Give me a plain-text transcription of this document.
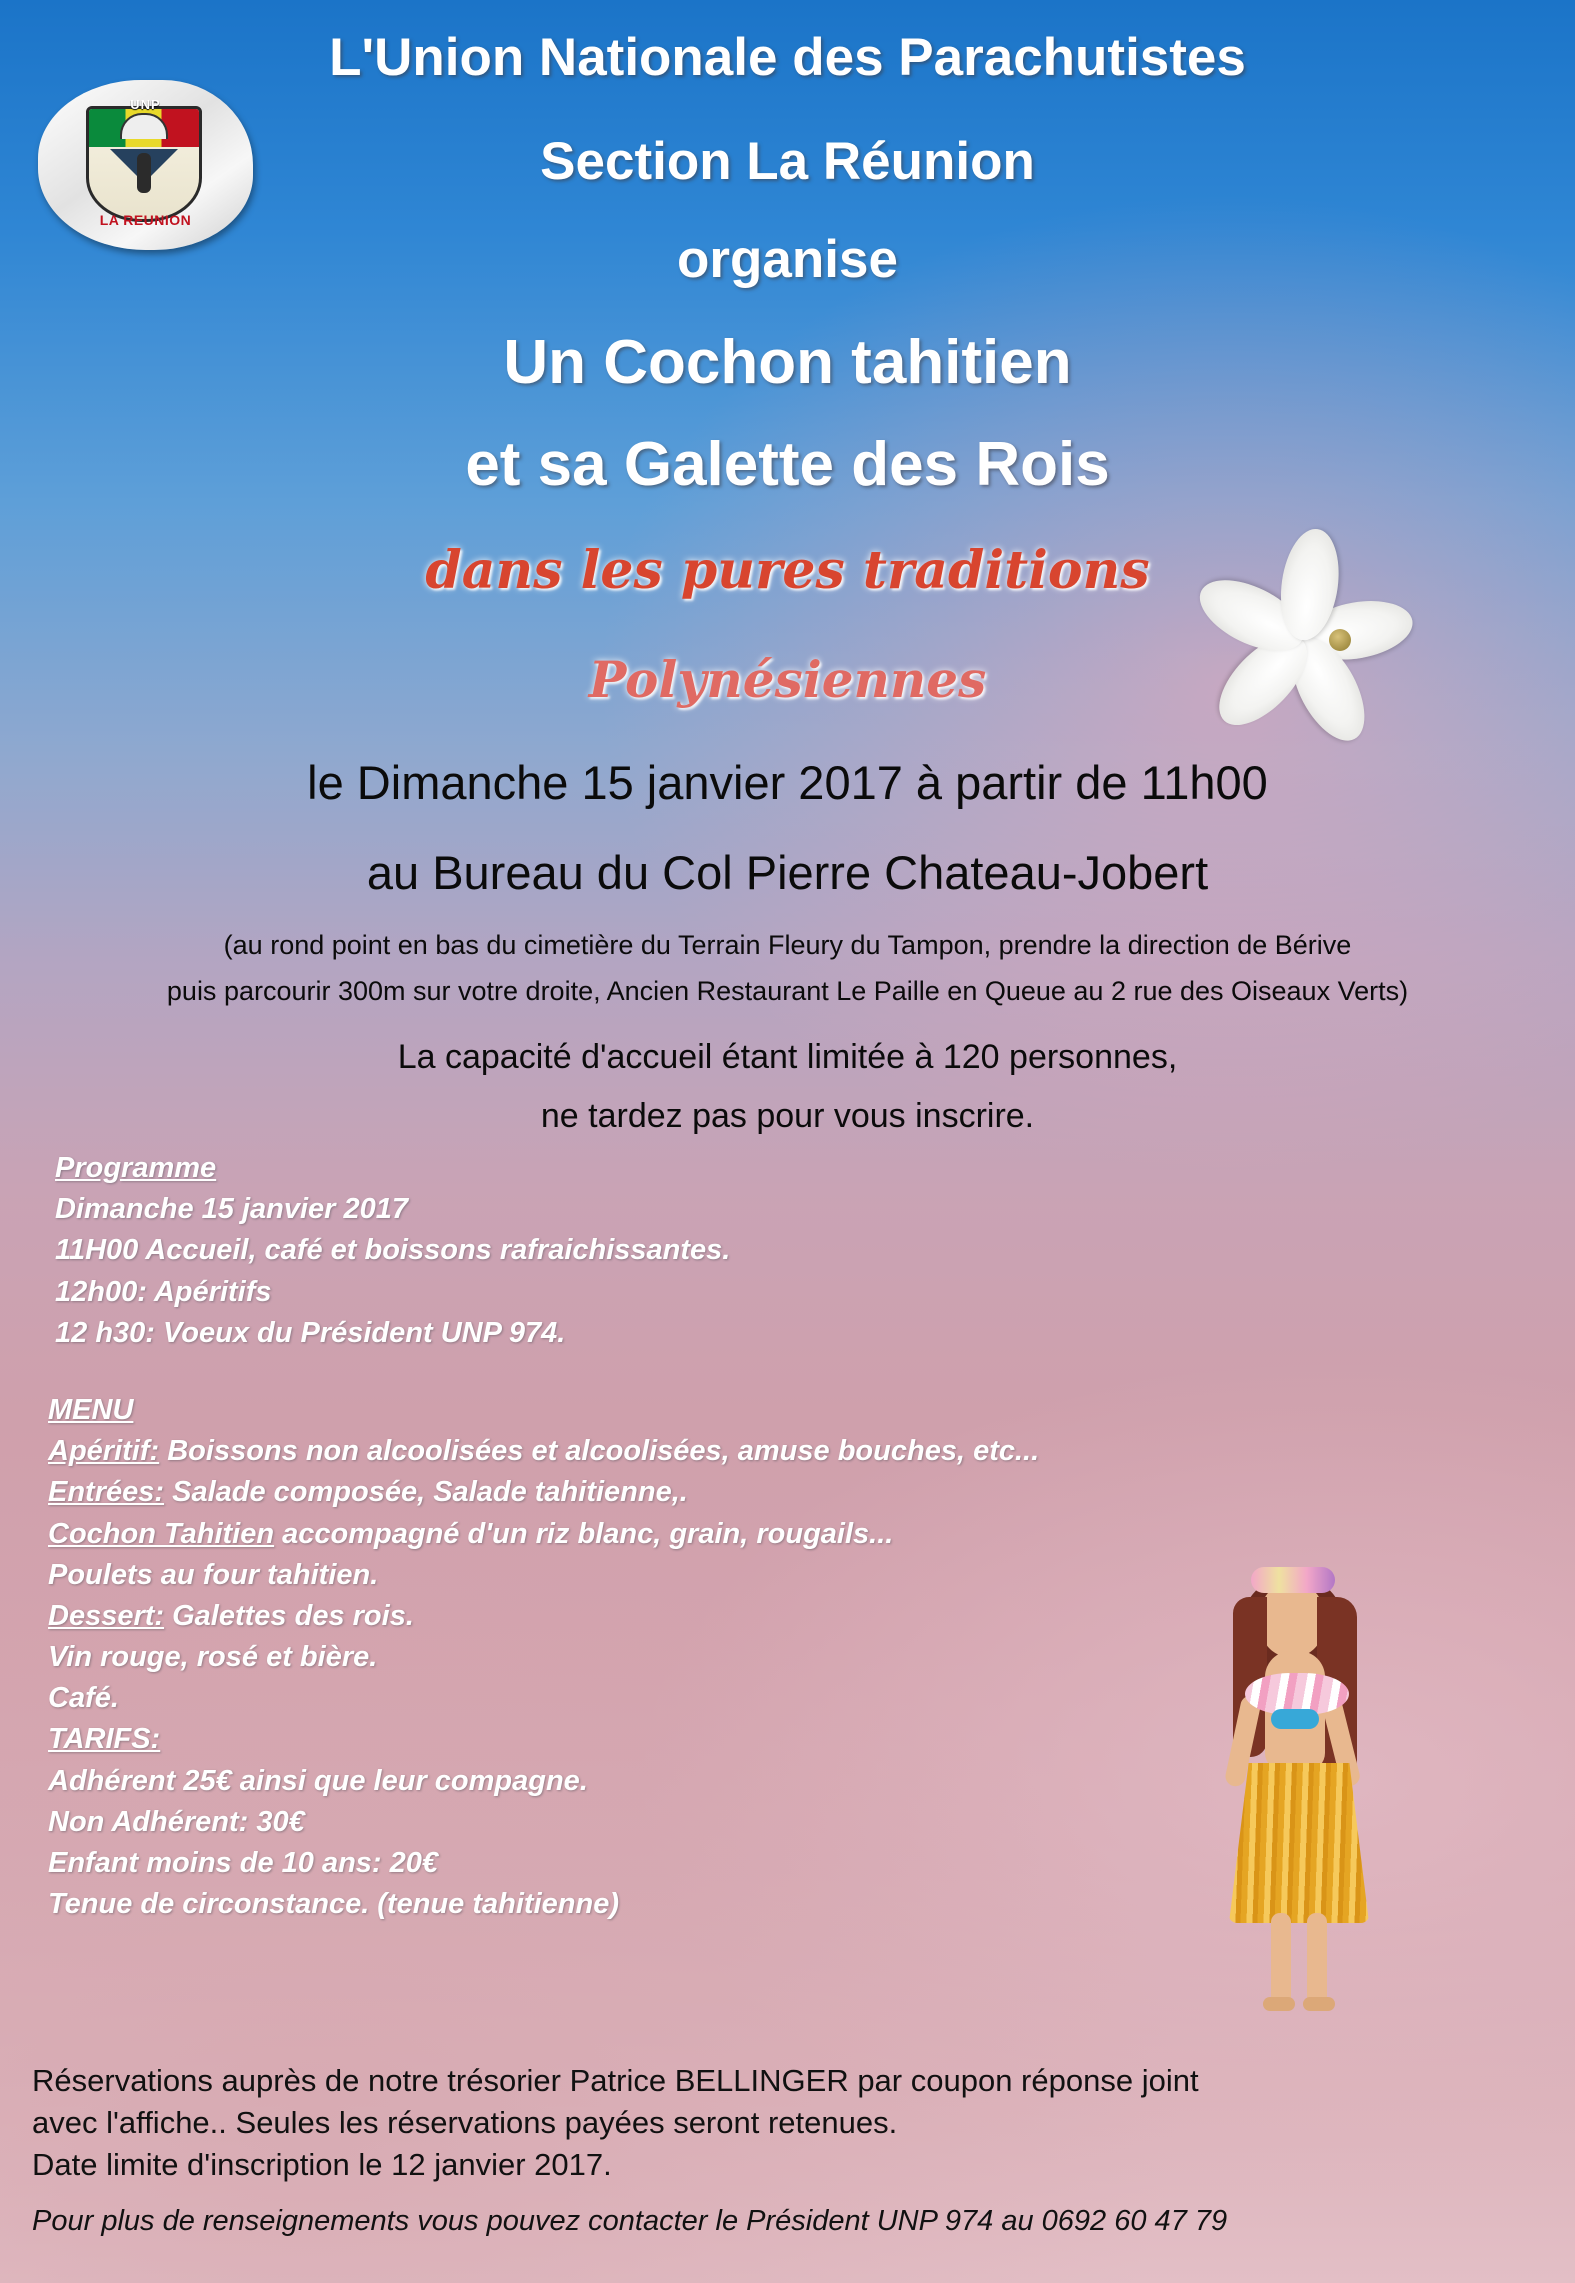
UNP
LA REUNION
L'Union Nationale des Parachutistes
Section La Réunion
organise
Un Cochon tahitien
et sa Galette des Rois
dans les pures traditions
Polynésiennes
le Dimanche 15 janvier 2017 à partir de 11h00
au Bureau du Col Pierre Chateau-Jobert
(au rond point en bas du cimetière du Terrain Fleury du Tampon, prendre la direction de Bérive
puis parcourir 300m sur votre droite, Ancien Restaurant Le Paille en Queue au 2 rue des Oiseaux Verts)
La capacité d'accueil étant limitée à 120 personnes,
ne tardez pas pour vous inscrire.
Programme
Dimanche 15 janvier 2017
11H00 Accueil, café et boissons rafraichissantes.
12h00: Apéritifs
12 h30: Voeux du Président UNP 974.
MENU
Apéritif: Boissons non alcoolisées et alcoolisées, amuse bouches, etc...
Entrées: Salade composée, Salade tahitienne,.
Cochon Tahitien accompagné d'un riz blanc, grain, rougails...
Poulets au four tahitien.
Dessert: Galettes des rois.
Vin rouge, rosé et bière.
Café.
TARIFS:
Adhérent 25€ ainsi que leur compagne.
Non Adhérent: 30€
Enfant moins de 10 ans: 20€
Tenue de circonstance. (tenue tahitienne)
Réservations auprès de notre trésorier Patrice BELLINGER par coupon réponse joint
avec l'affiche.. Seules les réservations payées seront retenues.
Date limite d'inscription le 12 janvier 2017.
Pour plus de renseignements vous pouvez contacter le Président UNP 974 au 0692 60 47 79
